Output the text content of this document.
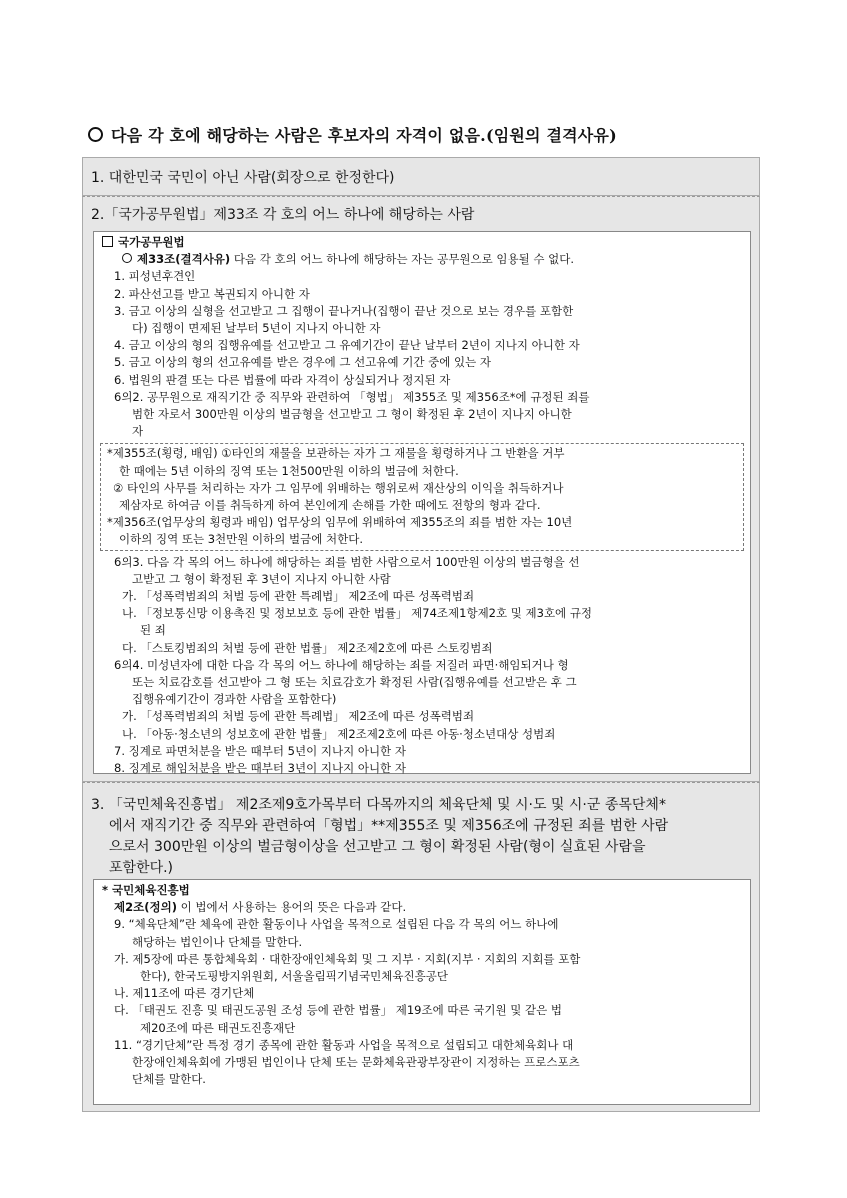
다음 각 호에 해당하는 사람은 후보자의 자격이 없음.(임원의 결격사유)
1. 대한민국 국민이 아닌 사람(회장으로 한정한다)
2.「국가공무원법」제33조 각 호의 어느 하나에 해당하는 사람
국가공무원법
제33조(결격사유) 다음 각 호의 어느 하나에 해당하는 자는 공무원으로 임용될 수 없다.
1. 피성년후견인
2. 파산선고를 받고 복권되지 아니한 자
3. 금고 이상의 실형을 선고받고 그 집행이 끝나거나(집행이 끝난 것으로 보는 경우를 포함한
다) 집행이 면제된 날부터 5년이 지나지 아니한 자
4. 금고 이상의 형의 집행유예를 선고받고 그 유예기간이 끝난 날부터 2년이 지나지 아니한 자
5. 금고 이상의 형의 선고유예를 받은 경우에 그 선고유예 기간 중에 있는 자
6. 법원의 판결 또는 다른 법률에 따라 자격이 상실되거나 정지된 자
6의2. 공무원으로 재직기간 중 직무와 관련하여 「형법」 제355조 및 제356조*에 규정된 죄를
범한 자로서 300만원 이상의 벌금형을 선고받고 그 형이 확정된 후 2년이 지나지 아니한
자
*제355조(횡령, 배임) ①타인의 재물을 보관하는 자가 그 재물을 횡령하거나 그 반환을 거부
한 때에는 5년 이하의 징역 또는 1천500만원 이하의 벌금에 처한다.
② 타인의 사무를 처리하는 자가 그 임무에 위배하는 행위로써 재산상의 이익을 취득하거나
제삼자로 하여금 이를 취득하게 하여 본인에게 손해를 가한 때에도 전항의 형과 같다.
*제356조(업무상의 횡령과 배임) 업무상의 임무에 위배하여 제355조의 죄를 범한 자는 10년
이하의 징역 또는 3천만원 이하의 벌금에 처한다.
6의3. 다음 각 목의 어느 하나에 해당하는 죄를 범한 사람으로서 100만원 이상의 벌금형을 선
고받고 그 형이 확정된 후 3년이 지나지 아니한 사람
가. 「성폭력범죄의 처벌 등에 관한 특례법」 제2조에 따른 성폭력범죄
나. 「정보통신망 이용촉진 및 정보보호 등에 관한 법률」 제74조제1항제2호 및 제3호에 규정
된 죄
다. 「스토킹범죄의 처벌 등에 관한 법률」 제2조제2호에 따른 스토킹범죄
6의4. 미성년자에 대한 다음 각 목의 어느 하나에 해당하는 죄를 저질러 파면·해임되거나 형
또는 치료감호를 선고받아 그 형 또는 치료감호가 확정된 사람(집행유예를 선고받은 후 그
집행유예기간이 경과한 사람을 포함한다)
가. 「성폭력범죄의 처벌 등에 관한 특례법」 제2조에 따른 성폭력범죄
나. 「아동·청소년의 성보호에 관한 법률」 제2조제2호에 따른 아동·청소년대상 성범죄
7. 징계로 파면처분을 받은 때부터 5년이 지나지 아니한 자
8. 징계로 해임처분을 받은 때부터 3년이 지나지 아니한 자
3. 「국민체육진흥법」 제2조제9호가목부터 다목까지의 체육단체 및 시·도 및 시·군 종목단체*
에서 재직기간 중 직무와 관련하여「형법」**제355조 및 제356조에 규정된 죄를 범한 사람
으로서 300만원 이상의 벌금형이상을 선고받고 그 형이 확정된 사람(형이 실효된 사람을
포함한다.)
* 국민체육진흥법
제2조(정의) 이 법에서 사용하는 용어의 뜻은 다음과 같다.
9. “체육단체”란 체육에 관한 활동이나 사업을 목적으로 설립된 다음 각 목의 어느 하나에
해당하는 법인이나 단체를 말한다.
가. 제5장에 따른 통합체육회 · 대한장애인체육회 및 그 지부 · 지회(지부 · 지회의 지회를 포함
한다), 한국도핑방지위원회, 서울올림픽기념국민체육진흥공단
나. 제11조에 따른 경기단체
다. 「태권도 진흥 및 태권도공원 조성 등에 관한 법률」 제19조에 따른 국기원 및 같은 법
제20조에 따른 태권도진흥재단
11. “경기단체”란 특정 경기 종목에 관한 활동과 사업을 목적으로 설립되고 대한체육회나 대
한장애인체육회에 가맹된 법인이나 단체 또는 문화체육관광부장관이 지정하는 프로스포츠
단체를 말한다.
